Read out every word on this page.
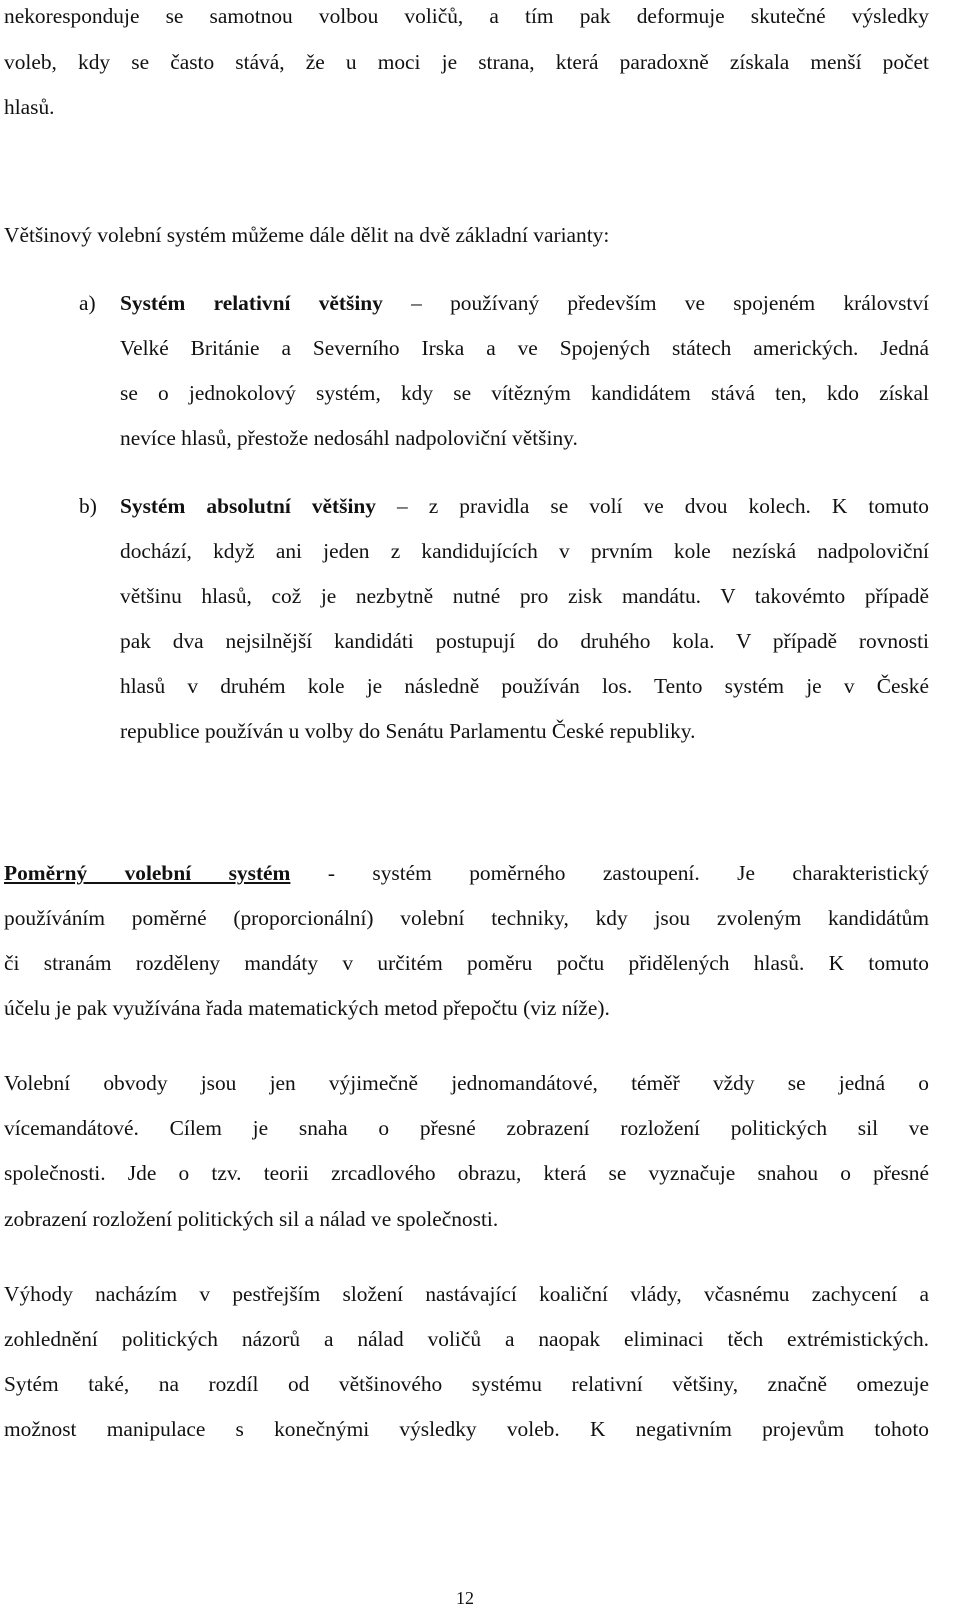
nekoresponduje se samotnou volbou voličů, a tím pak deformuje skutečné výsledky
voleb, kdy se často stává, že u moci je strana, která paradoxně získala menší počet
hlasů.
Většinový volební systém můžeme dále dělit na dvě základní varianty:
a) Systém relativní většiny – používaný především ve spojeném království
Velké Británie a Severního Irska a ve Spojených státech amerických. Jedná
se o jednokolový systém, kdy se vítězným kandidátem stává ten, kdo získal
nevíce hlasů, přestože nedosáhl nadpoloviční většiny.
b) Systém absolutní většiny – z pravidla se volí ve dvou kolech. K tomuto
dochází, když ani jeden z kandidujících v prvním kole nezíská nadpoloviční
většinu hlasů, což je nezbytně nutné pro zisk mandátu. V takovémto případě
pak dva nejsilnější kandidáti postupují do druhého kola. V případě rovnosti
hlasů v druhém kole je následně používán los. Tento systém je v České
republice používán u volby do Senátu Parlamentu České republiky.
Poměrný volební systém - systém poměrného zastoupení. Je charakteristický
používáním poměrné (proporcionální) volební techniky, kdy jsou zvoleným kandidátům
či stranám rozděleny mandáty v určitém poměru počtu přidělených hlasů. K tomuto
účelu je pak využívána řada matematických metod přepočtu (viz níže).
Volební obvody jsou jen výjimečně jednomandátové, téměř vždy se jedná o
vícemandátové. Cílem je snaha o přesné zobrazení rozložení politických sil ve
společnosti. Jde o tzv. teorii zrcadlového obrazu, která se vyznačuje snahou o přesné
zobrazení rozložení politických sil a nálad ve společnosti.
Výhody nacházím v pestřejším složení nastávající koaliční vlády, včasnému zachycení a
zohlednění politických názorů a nálad voličů a naopak eliminaci těch extrémistických.
Sytém také, na rozdíl od většinového systému relativní většiny, značně omezuje
možnost manipulace s konečnými výsledky voleb. K negativním projevům tohoto
12
